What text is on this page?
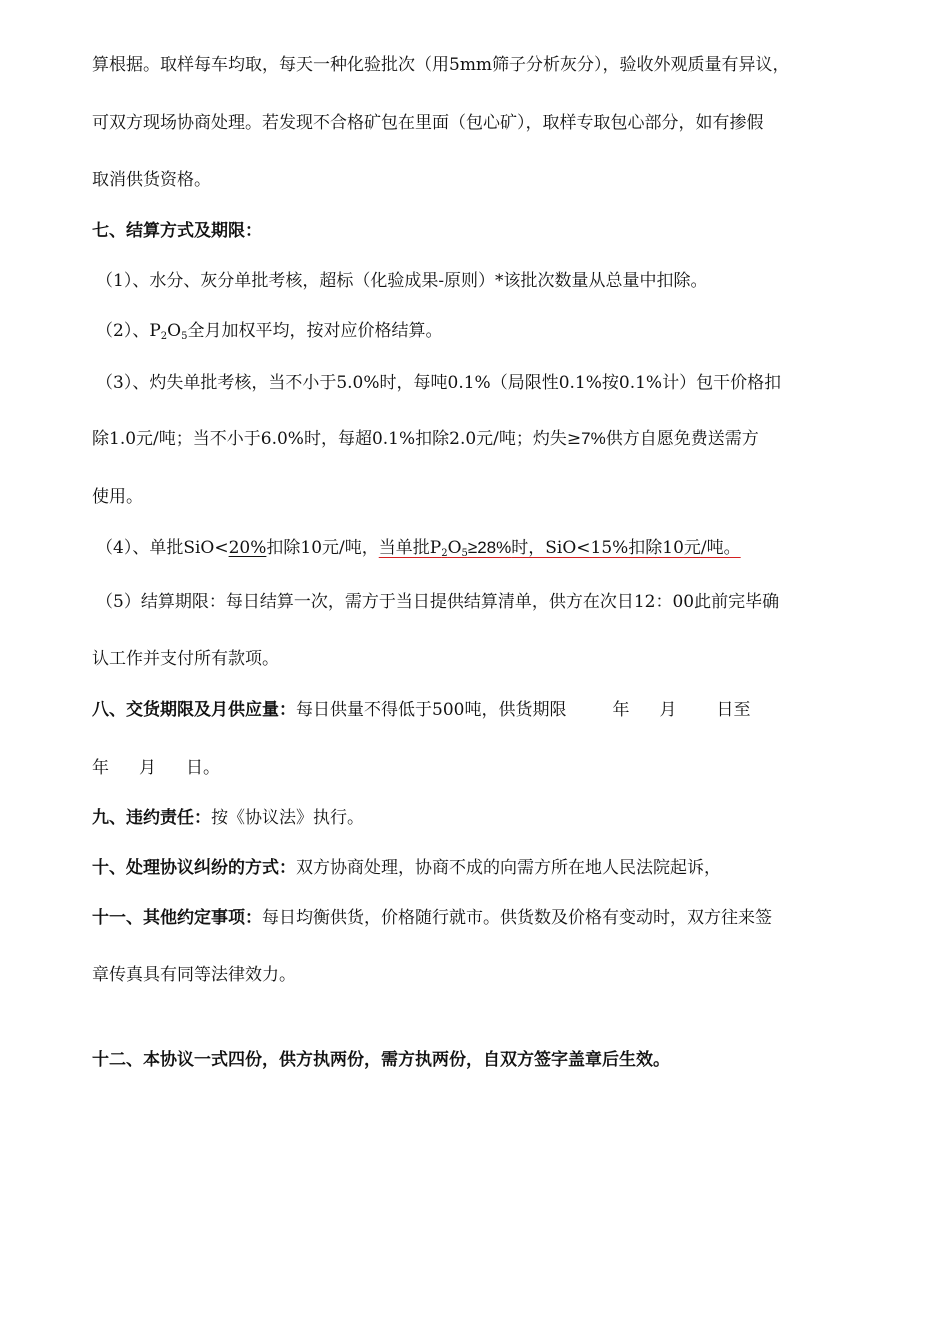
算根据。取样每车均取，每天一种化验批次（用5mm筛子分析灰分），验收外观质量有异议，
可双方现场协商处理。若发现不合格矿包在里面（包心矿），取样专取包心部分，如有掺假
取消供货资格。
七、结算方式及期限：
（1）、水分、灰分单批考核，超标（化验成果-原则）*该批次数量从总量中扣除。
（2）、$P_2O_5$全月加权平均，按对应价格结算。
（3）、灼失单批考核，当不小于5.0%时，每吨0.1%（局限性0.1%按0.1%计）包干价格扣
除1.0元/吨；当不小于6.0%时，每超0.1%扣除2.0元/吨；灼失≥7%供方自愿免费送需方
使用。
（4）、单批SiO<20%扣除10元/吨，当单批$P_2O_5\ge 28\%$时，SiO<15%扣除10元/吨。
（5）结算期限：每日结算一次，需方于当日提供结算清单，供方在次日12：00此前完毕确
认工作并支付所有款项。
八、交货期限及月供应量：每日供量不得低于500吨，供货期限	年 月 日至
年 月 日。
九、违约责任：按《协议法》执行。
十、处理协议纠纷的方式：双方协商处理，协商不成的向需方所在地人民法院起诉，
十一、其他约定事项：每日均衡供货，价格随行就市。供货数及价格有变动时，双方往来签
章传真具有同等法律效力。
十二、本协议一式四份，供方执两份，需方执两份，自双方签字盖章后生效。
